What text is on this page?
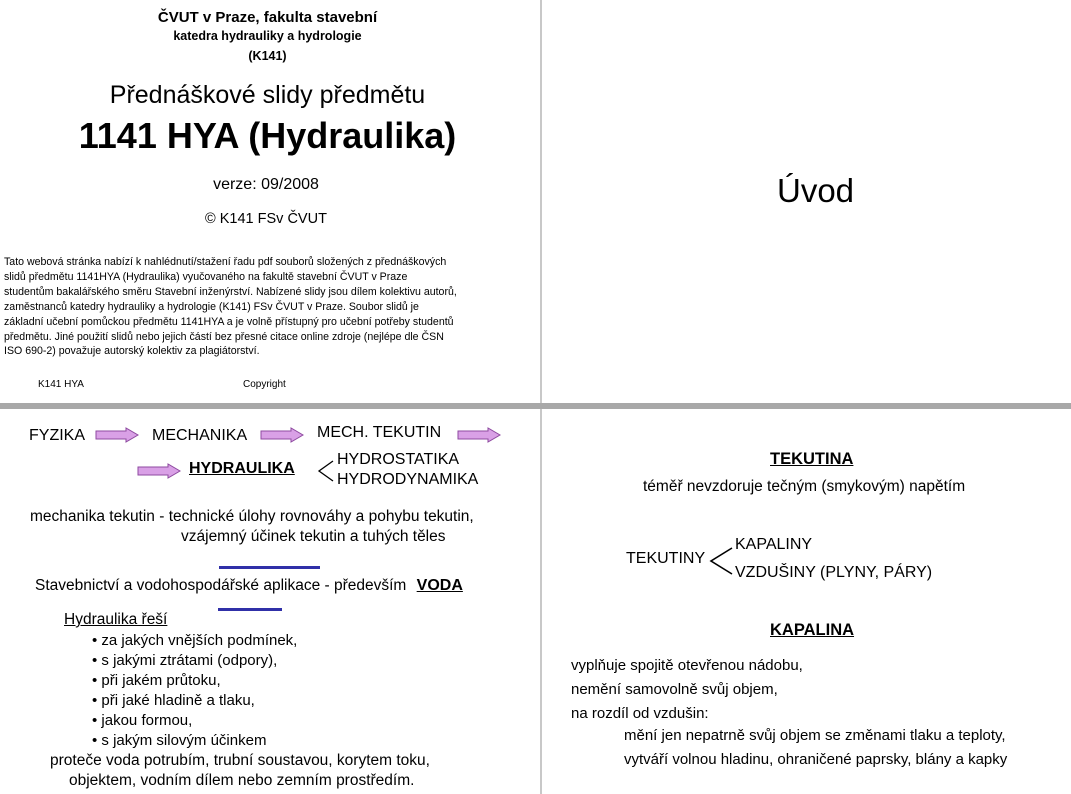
ČVUT v Praze, fakulta stavební
katedra hydrauliky a hydrologie
(K141)
Přednáškové slidy předmětu
1141 HYA (Hydraulika)
verze: 09/2008
© K141 FSv ČVUT
Tato webová stránka nabízí k nahlédnutí/stažení řadu pdf souborů složených z přednáškových
slidů předmětu 1141HYA (Hydraulika) vyučovaného na fakultě stavební ČVUT v Praze
studentům bakalářského směru Stavební inženýrství. Nabízené slidy jsou dílem kolektivu autorů,
zaměstnanců katedry hydrauliky a hydrologie (K141) FSv ČVUT v Praze. Soubor slidů je
základní učební pomůckou předmětu 1141HYA a je volně přístupný pro učební potřeby studentů
předmětu. Jiné použití slidů nebo jejich částí bez přesné citace online zdroje (nejlépe dle ČSN
ISO 690-2) považuje autorský kolektiv za plagiátorství.
K141 HYA	Copyright
Úvod
FYZIKA	MECHANIKA	MECH. TEKUTIN
HYDRAULIKA
HYDROSTATIKA
HYDRODYNAMIKA
mechanika tekutin - technické úlohy rovnováhy a pohybu tekutin,
vzájemný účinek tekutin a tuhých těles
Stavebnictví a vodohospodářské aplikace - především VODA
Hydraulika řeší
• za jakých vnějších podmínek,
• s jakými ztrátami (odpory),
• při jakém průtoku,
• při jaké hladině a tlaku,
• jakou formou,
• s jakým silovým účinkem
proteče voda potrubím, trubní soustavou, korytem toku,
objektem, vodním dílem nebo zemním prostředím.
TEKUTINA
téměř nevzdoruje tečným (smykovým) napětím
TEKUTINY
KAPALINY
VZDUŠINY (PLYNY, PÁRY)
KAPALINA
vyplňuje spojitě otevřenou nádobu,
nemění samovolně svůj objem,
na rozdíl od vzdušin:
mění jen nepatrně svůj objem se změnami tlaku a teploty,
vytváří volnou hladinu, ohraničené paprsky, blány a kapky
